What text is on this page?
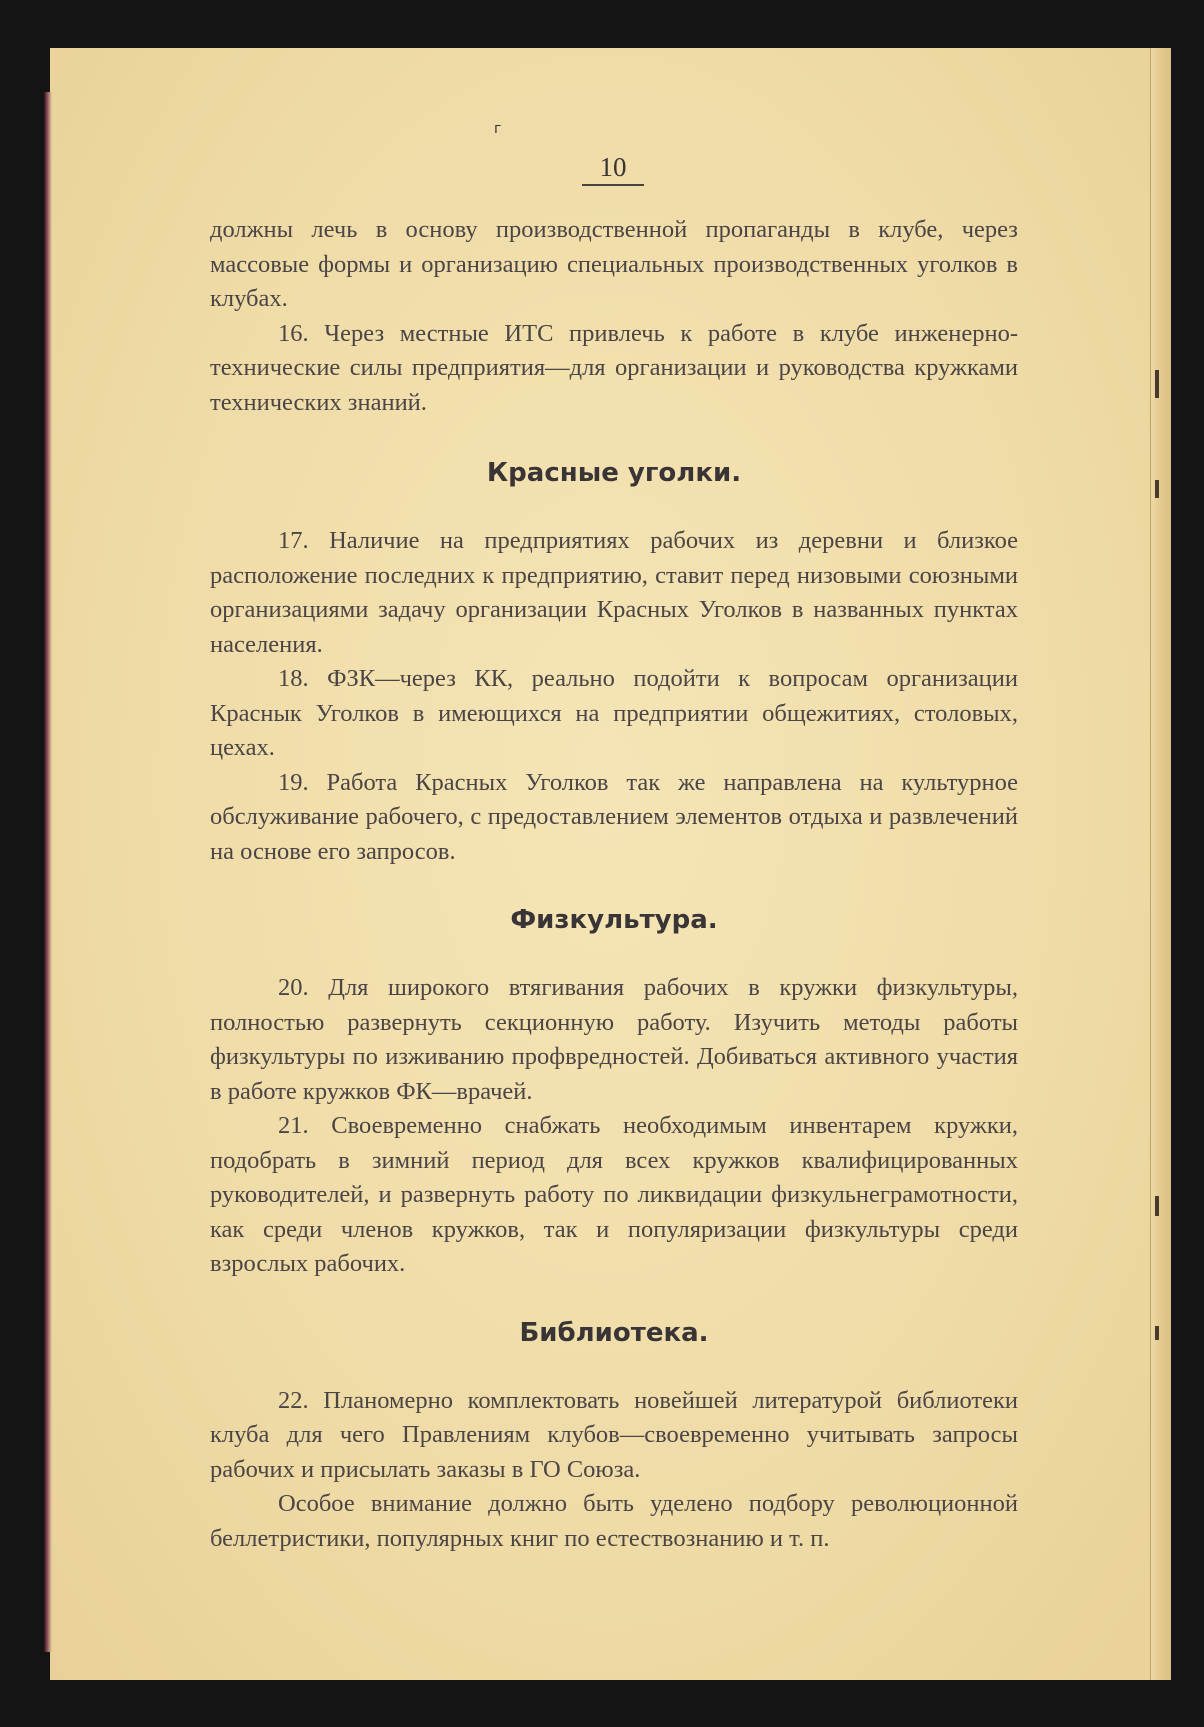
г
10

должны лечь в основу производственной пропаганды в клубе, через массовые формы и организацию специальных производственных уголков в клубах.

16. Через местные ИТС привлечь к работе в клубе инженерно-технические силы предприятия—для организации и руководства кружками технических знаний.

Красные уголки.

17. Наличие на предприятиях рабочих из деревни и близкое расположение последних к предприятию, ставит перед низовыми союзными организациями задачу организации Красных Уголков в названных пунктах населения.

18. ФЗК—через КК, реально подойти к вопросам организации Краснык Уголков в имеющихся на предприятии общежитиях, столовых, цехах.

19. Работа Красных Уголков так же направлена на культурное обслуживание рабочего, с предоставлением элементов отдыха и развлечений на основе его запросов.

Физкультура.

20. Для широкого втягивания рабочих в кружки физкультуры, полностью развернуть секционную работу. Изучить методы работы физкультуры по изживанию профвредностей. Добиваться активного участия в работе кружков ФК—врачей.

21. Своевременно снабжать необходимым инвентарем кружки, подобрать в зимний период для всех кружков квалифицированных руководителей, и развернуть работу по ликвидации физкульнеграмотности, как среди членов кружков, так и популяризации физкультуры среди взрослых рабочих.

Библиотека.

22. Планомерно комплектовать новейшей литературой библиотеки клуба для чего Правлениям клубов—своевременно учитывать запросы рабочих и присылать заказы в ГО Союза.

Особое внимание должно быть уделено подбору революционной беллетристики, популярных книг по естествознанию и т. п.
